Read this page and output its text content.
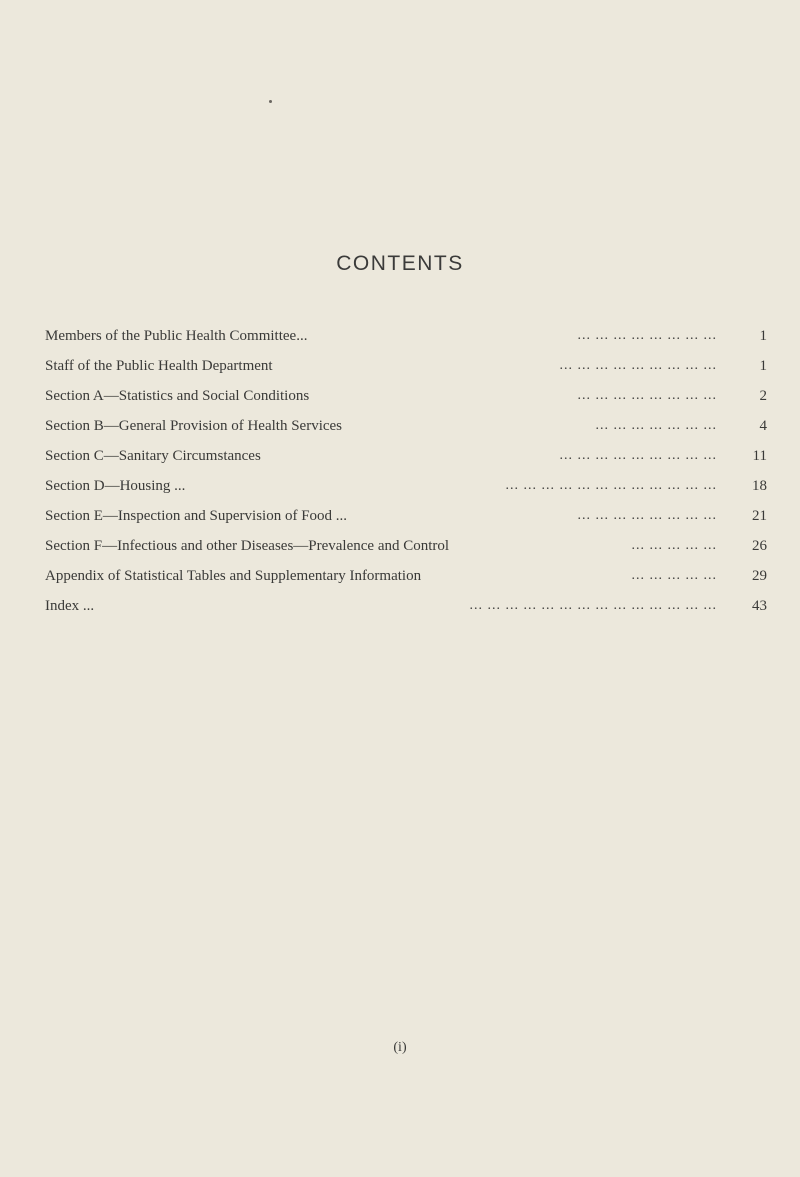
CONTENTS
Members of the Public Health Committee...	... ... ... ... ... ... ... ...	1
Staff of the Public Health Department	... ... ... ... ... ... ... ... ...	1
Section A—Statistics and Social Conditions	... ... ... ... ... ... ... ...	2
Section B—General Provision of Health Services	... ... ... ... ... ... ...	4
Section C—Sanitary Circumstances	... ... ... ... ... ... ... ... ...	11
Section D—Housing ...	... ... ... ... ... ... ... ... ... ... ... ...	18
Section E—Inspection and Supervision of Food ...	... ... ... ... ... ... ... ...	21
Section F—Infectious and other Diseases—Prevalence and Control	... ... ... ... ...	26
Appendix of Statistical Tables and Supplementary Information	... ... ... ... ...	29
Index ...	... ... ... ... ... ... ... ... ... ... ... ... ... ...	43
(i)
